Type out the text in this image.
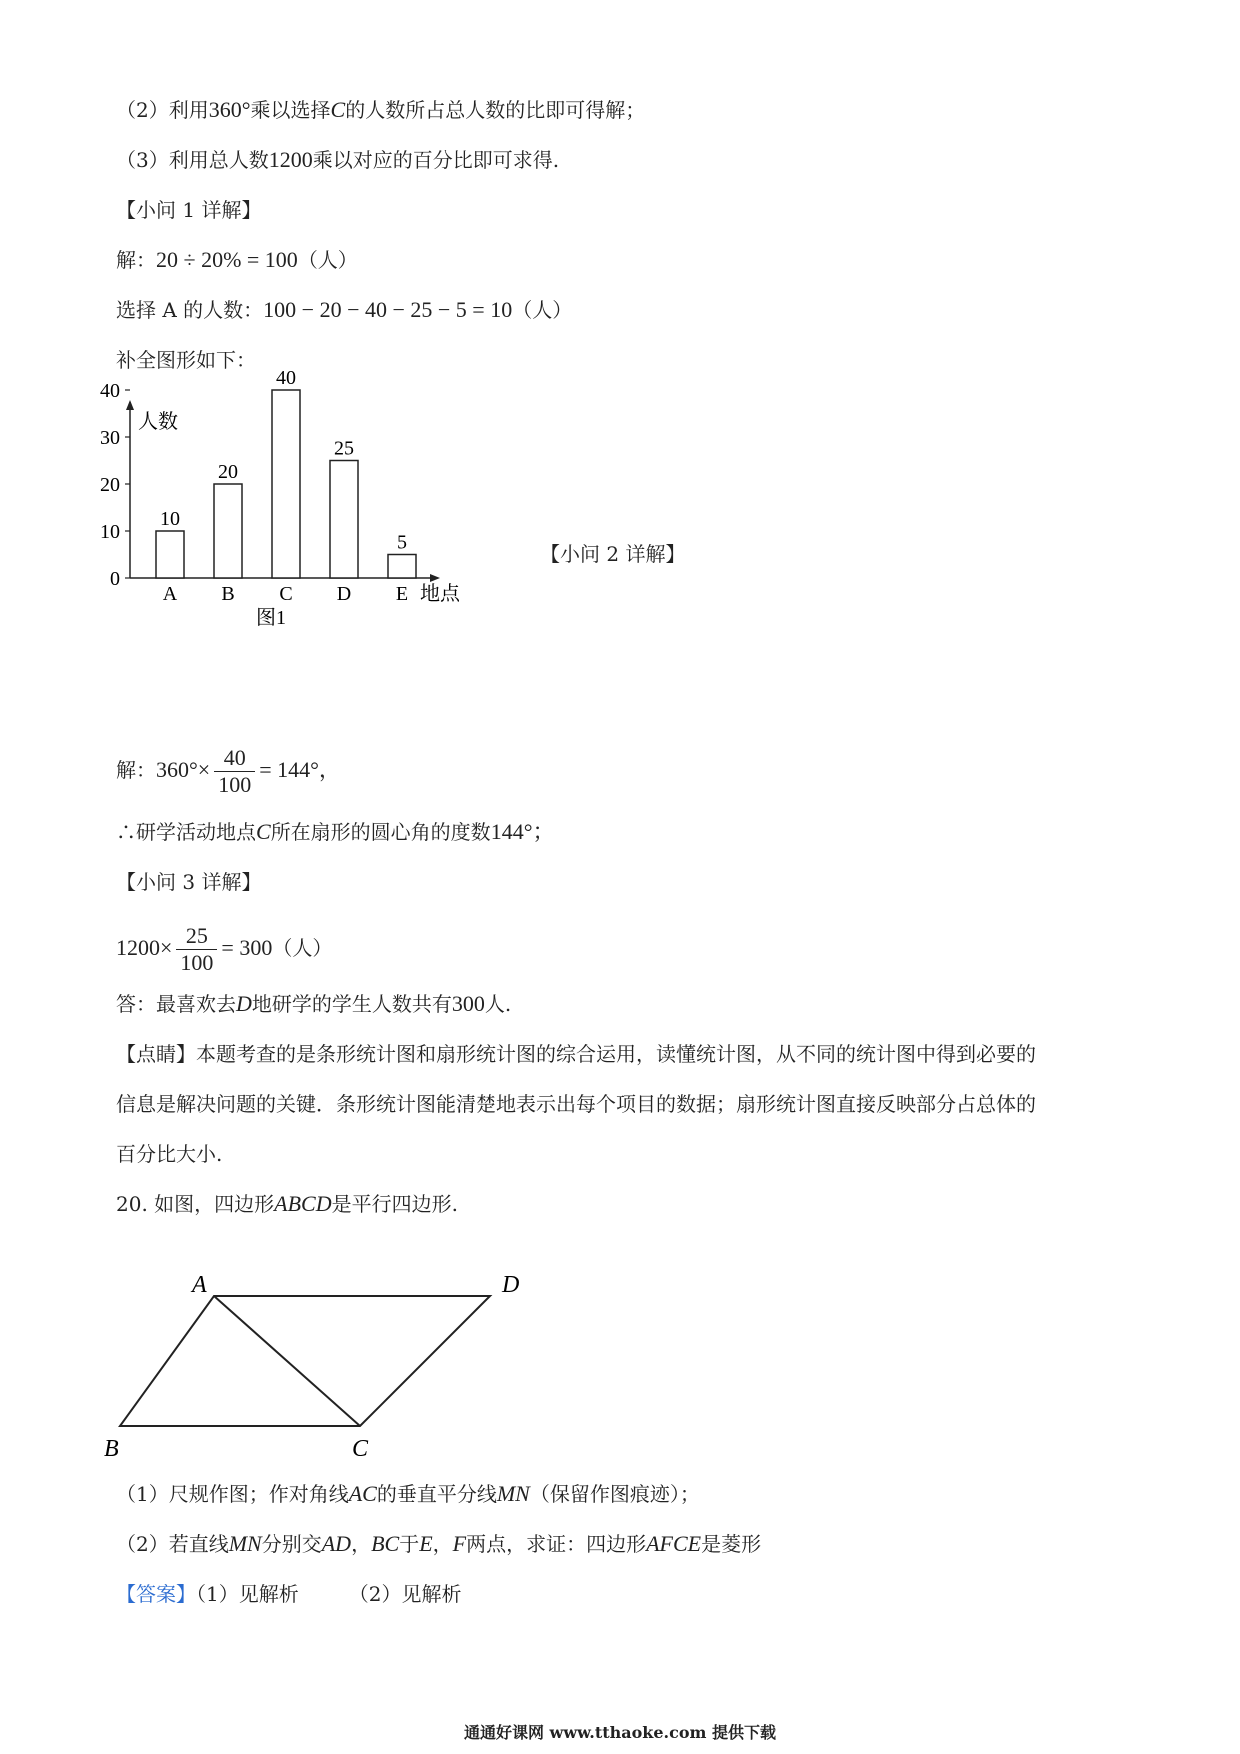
（2）利用360°乘以选择C的人数所占总人数的比即可得解；
（3）利用总人数1200乘以对应的百分比即可求得.
【小问 1 详解】
解：20 ÷ 20% = 100（人）
选择 A 的人数：100 − 20 − 40 − 25 − 5 = 10（人）
补全图形如下：
人数
地点
0
10
20
30
40
10
A
20
B
40
C
25
D
5
E
图1
【小问 2 详解】
解：$360^\circ\times \frac{40}{100} = 144^\circ$，
∴研学活动地点C所在扇形的圆心角的度数144°；
【小问 3 详解】
$1200\times \frac{25}{100} = 300$（人）
答：最喜欢去D地研学的学生人数共有300人.
【点睛】本题考查的是条形统计图和扇形统计图的综合运用，读懂统计图，从不同的统计图中得到必要的
信息是解决问题的关键．条形统计图能清楚地表示出每个项目的数据；扇形统计图直接反映部分占总体的
百分比大小.
20. 如图，四边形ABCD是平行四边形.
A	D
B	C
（1）尺规作图；作对角线AC的垂直平分线MN（保留作图痕迹）；
（2）若直线MN分别交AD，BC于E，F两点，求证：四边形AFCE是菱形
【答案】（1）见解析	（2）见解析
通通好课网 www.tthaoke.com 提供下载
